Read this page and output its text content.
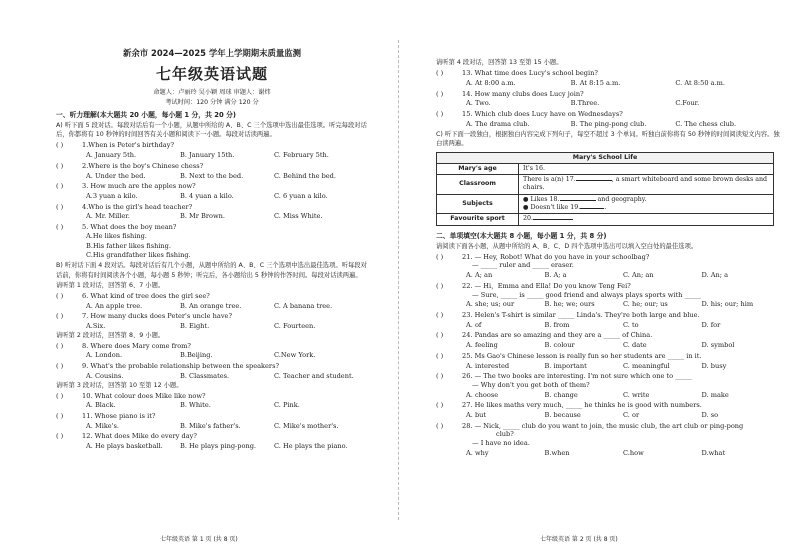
新余市 2024—2025 学年上学期期末质量监测
七年级英语试题
命题人：卢丽玲 吴小颖 周球 审题人：谢炜
考试时间：120 分钟 满分 120 分
一、听力理解(本大题共 20 小题，每小题 1 分，共 20 分)
A) 听下面 5 段对话。每段对话后有一个小题，从题中所给的 A、B、C 三个选项中选出最佳选项。听完每段对话后，你都将有 10 秒钟的时间回答有关小题和阅读下一小题。每段对话读两遍。
( )	1.When is Peter's birthday?
A. January 5th.	B. January 15th.	C. February 5th.
( )	2.Where is the boy's Chinese chess?
A. Under the bed.	B. Next to the bed.	C. Behind the bed.
( )	3. How much are the apples now?
A.3 yuan a kilo.	B. 4 yuan a kilo.	C. 6 yuan a kilo.
( )	4.Who is the girl's head teacher?
A. Mr. Miller.	B. Mr Brown.	C. Miss White.
( )	5. What does the boy mean?
A.He likes fishing.
B.His father likes fishing.
C.His grandfather likes fishing.
B) 听对话下面 4 段对话。每段对话后有几个小题，从题中所给的 A、B、C 三个选项中选出最佳选项。听每段对话前，你将有时间阅读各个小题，每小题 5 秒钟；听完后，各小题给出 5 秒钟的作答时间。每段对话读两遍。
请听第 1 段对话，回答第 6、7 小题。
( )	6. What kind of tree does the girl see?
A. An apple tree.	B. An orange tree.	C. A banana tree.
( )	7. How many ducks does Peter's uncle have?
A.Six.	B. Eight.	C. Fourteen.
请听第 2 段对话，回答第 8、9 小题。
( )	8. Where does Mary come from?
A. London.	B.Beijing.	C.New York.
( )	9. What's the probable relationship between the speakers?
A. Cousins.	B. Classmates.	C. Teacher and student.
请听第 3 段对话，回答第 10 至第 12 小题。
( )	10. What colour does Mike like now?
A. Black.	B. White.	C. Pink.
( )	11. Whose piano is it?
A. Mike's.	B. Mike's father's.	C. Mike's mother's.
( )	12. What does Mike do every day?
A. He plays basketball.	B. He plays ping-pong.	C. He plays the piano.
请听第 4 段对话，回答第 13 至第 15 小题。
( )	13. What time does Lucy's school begin?
A. At 8:00 a.m.	B. At 8:15 a.m.	C. At 8:50 a.m.
( )	14. How many clubs does Lucy join?
A. Two.	B.Three.	C.Four.
( )	15. Which club does Lucy have on Wednesdays?
A. The drama club.	B. The ping-pong club.	C. The chess club.
C) 听下面一段独白，根据独白内容完成下列句子，每空不超过 3 个单词。听独白前你将有 50 秒钟的时间阅读短文内容。独白读两遍。
Mary's School Life	
Mary's age	It's 16.
Classroom	There is a(n) 17. , a smart whiteboard and some brown desks and chairs.
Subjects	● Likes 18. and geography.
● Doesn't like 19. .

Favourite sport	20.
二、单项填空(本大题共 8 小题，每小题 1 分，共 8 分)
请阅读下面各小题，从题中所给的 A、B、C、D 四个选项中选出可以填入空白处的最佳选项。
( )	21. — Hey, Robot! What do you have in your schoolbag?
— _____ ruler and _____ eraser.
A. A; an	B. A; a	C. An; an	D. An; a
( )	22. — Hi，Emma and Ella! Do you know Teng Fei?
— Sure, _____ is _____ good friend and always plays sports with _____
A. she; us; our	B. he; we; ours	C. he; our; us	D. his; our; him
( )	23. Helen's T-shirt is similar _____ Linda's. They're both large and blue.
A. of	B. from	C. to	D. for
( )	24. Pandas are so amazing and they are a _____ of China.
A. feeling	B. colour	C. date	D. symbol
( )	25. Ms Gao's Chinese lesson is really fun so her students are _____ in it.
A. interested	B. important	C. meaningful	D. busy
( )	26. — The two books are interesting. I'm not sure which one to _____
— Why don't you get both of them?
A. choose	B. change	C. write	D. make
( )	27. He likes maths very much, _____ he thinks he is good with numbers.
A. but	B. because	C. or	D. so
( )	28. — Nick, _____ club do you want to join, the music club, the art club or ping-pong
club?
— I have no idea.
A. why	B.when	C.how	D.what
七年级英语 第 1 页 (共 8 页)	七年级英语 第 2 页 (共 8 页)
